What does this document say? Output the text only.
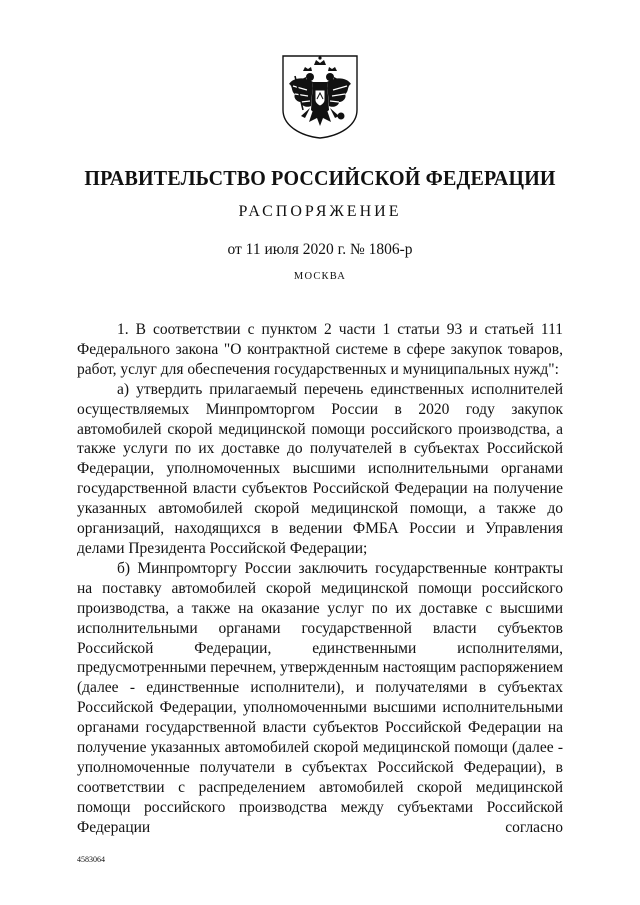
ПРАВИТЕЛЬСТВО РОССИЙСКОЙ ФЕДЕРАЦИИ
РАСПОРЯЖЕНИЕ
от 11 июля 2020 г. № 1806-р
МОСКВА

1. В соответствии с пунктом 2 части 1 статьи 93 и статьей 111 Федерального закона "О контрактной системе в сфере закупок товаров, работ, услуг для обеспечения государственных и муниципальных нужд":

а) утвердить прилагаемый перечень единственных исполнителей осуществляемых Минпромторгом России в 2020 году закупок автомобилей скорой медицинской помощи российского производства, а также услуги по их доставке до получателей в субъектах Российской Федерации, уполномоченных высшими исполнительными органами государственной власти субъектов Российской Федерации на получение указанных автомобилей скорой медицинской помощи, а также до организаций, находящихся в ведении ФМБА России и Управления делами Президента Российской Федерации;

б) Минпромторгу России заключить государственные контракты на поставку автомобилей скорой медицинской помощи российского производства, а также на оказание услуг по их доставке с высшими исполнительными органами государственной власти субъектов Российской Федерации, единственными исполнителями, предусмотренными перечнем, утвержденным настоящим распоряжением (далее - единственные исполнители), и получателями в субъектах Российской Федерации, уполномоченными высшими исполнительными органами государственной власти субъектов Российской Федерации на получение указанных автомобилей скорой медицинской помощи (далее - уполномоченные получатели в субъектах Российской Федерации), в соответствии с распределением автомобилей скорой медицинской помощи российского производства между субъектами Российской Федерации согласно

4583064
